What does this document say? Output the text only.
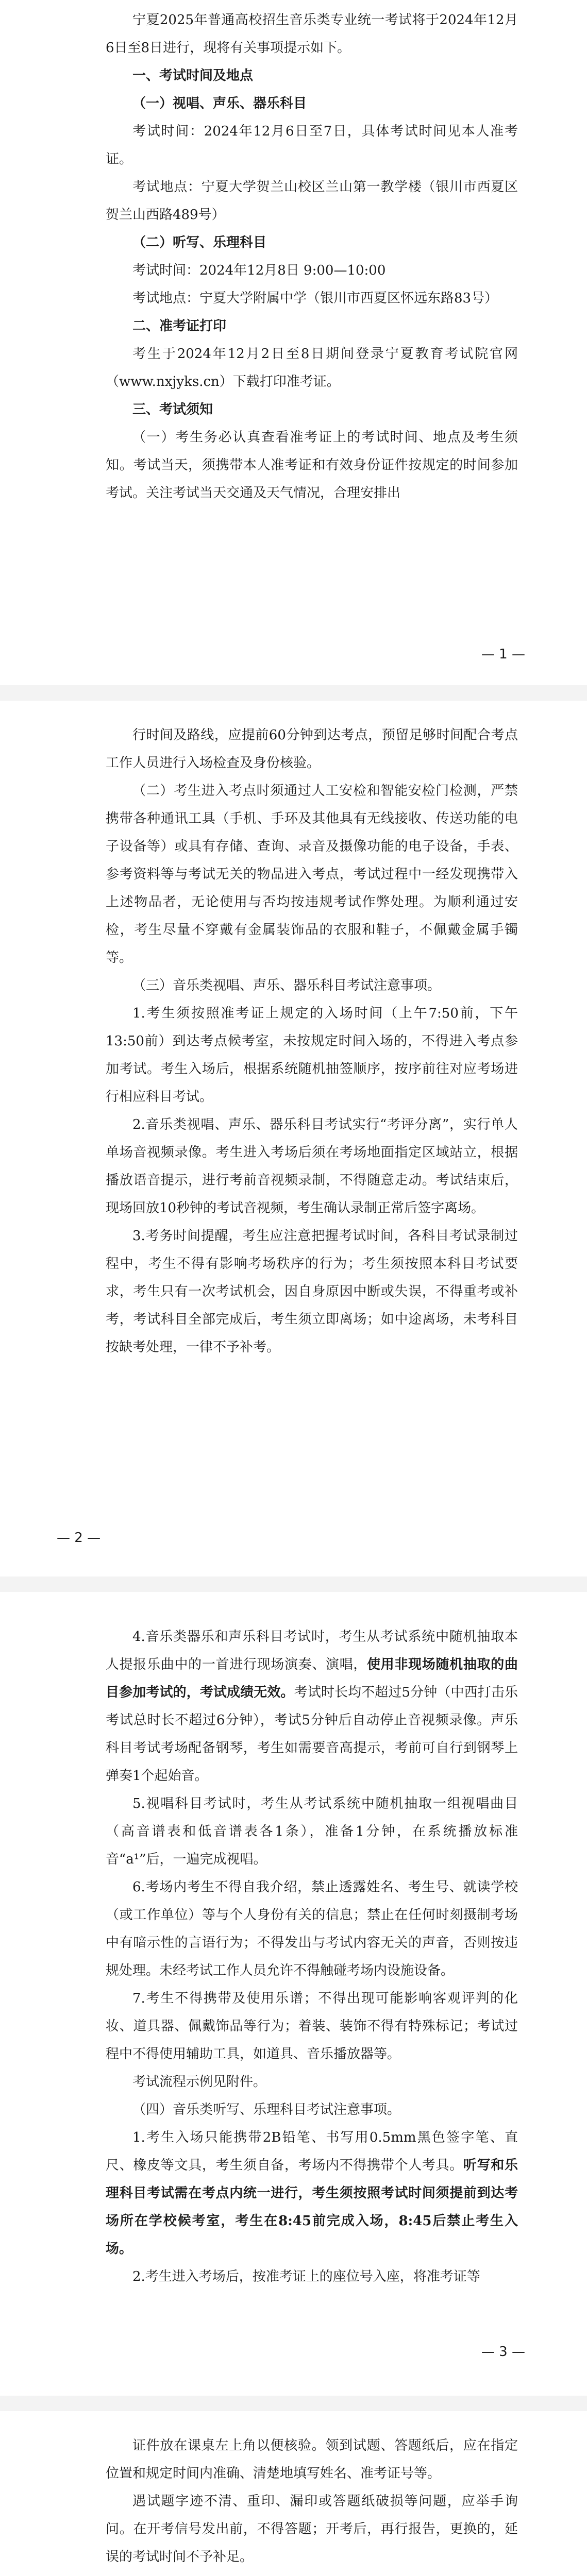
宁夏2025年普通高校招生音乐类专业统一考试将于2024年12月6日至8日进行，现将有关事项提示如下。

一、考试时间及地点

（一）视唱、声乐、器乐科目

考试时间：2024年12月6日至7日，具体考试时间见本人准考证。

考试地点：宁夏大学贺兰山校区兰山第一教学楼（银川市西夏区贺兰山西路489号）

（二）听写、乐理科目

考试时间：2024年12月8日 9:00—10:00

考试地点：宁夏大学附属中学（银川市西夏区怀远东路83号）

二、准考证打印

考生于2024年12月2日至8日期间登录宁夏教育考试院官网（www.nxjyks.cn）下载打印准考证。

三、考试须知

（一）考生务必认真查看准考证上的考试时间、地点及考生须知。考试当天，须携带本人准考证和有效身份证件按规定的时间参加考试。关注考试当天交通及天气情况，合理安排出

— 1 —

行时间及路线，应提前60分钟到达考点，预留足够时间配合考点工作人员进行入场检查及身份核验。

（二）考生进入考点时须通过人工安检和智能安检门检测，严禁携带各种通讯工具（手机、手环及其他具有无线接收、传送功能的电子设备等）或具有存储、查询、录音及摄像功能的电子设备，手表、参考资料等与考试无关的物品进入考点，考试过程中一经发现携带入上述物品者，无论使用与否均按违规考试作弊处理。为顺利通过安检，考生尽量不穿戴有金属装饰品的衣服和鞋子，不佩戴金属手镯等。

（三）音乐类视唱、声乐、器乐科目考试注意事项。

1.考生须按照准考证上规定的入场时间（上午7:50前，下午13:50前）到达考点候考室，未按规定时间入场的，不得进入考点参加考试。考生入场后，根据系统随机抽签顺序，按序前往对应考场进行相应科目考试。

2.音乐类视唱、声乐、器乐科目考试实行“考评分离”，实行单人单场音视频录像。考生进入考场后须在考场地面指定区域站立，根据播放语音提示，进行考前音视频录制，不得随意走动。考试结束后，现场回放10秒钟的考试音视频，考生确认录制正常后签字离场。

3.考务时间提醒，考生应注意把握考试时间，各科目考试录制过程中，考生不得有影响考场秩序的行为；考生须按照本科目考试要求，考生只有一次考试机会，因自身原因中断或失误，不得重考或补考，考试科目全部完成后，考生须立即离场；如中途离场，未考科目按缺考处理，一律不予补考。

— 2 —

4.音乐类器乐和声乐科目考试时，考生从考试系统中随机抽取本人提报乐曲中的一首进行现场演奏、演唱，使用非现场随机抽取的曲目参加考试的，考试成绩无效。考试时长均不超过5分钟（中西打击乐考试总时长不超过6分钟），考试5分钟后自动停止音视频录像。声乐科目考试考场配备钢琴，考生如需要音高提示，考前可自行到钢琴上弹奏1个起始音。

5.视唱科目考试时，考生从考试系统中随机抽取一组视唱曲目（高音谱表和低音谱表各1条），准备1分钟，在系统播放标准音“a¹”后，一遍完成视唱。

6.考场内考生不得自我介绍，禁止透露姓名、考生号、就读学校（或工作单位）等与个人身份有关的信息；禁止在任何时刻摄制考场中有暗示性的言语行为；不得发出与考试内容无关的声音，否则按违规处理。未经考试工作人员允许不得触碰考场内设施设备。

7.考生不得携带及使用乐谱；不得出现可能影响客观评判的化妆、道具器、佩戴饰品等行为；着装、装饰不得有特殊标记；考试过程中不得使用辅助工具，如道具、音乐播放器等。

考试流程示例见附件。

（四）音乐类听写、乐理科目考试注意事项。

1.考生入场只能携带2B铅笔、书写用0.5mm黑色签字笔、直尺、橡皮等文具，考生须自备，考场内不得携带个人考具。听写和乐理科目考试需在考点内统一进行，考生须按照考试时间须提前到达考场所在学校候考室，考生在8:45前完成入场，8:45后禁止考生入场。

2.考生进入考场后，按准考证上的座位号入座，将准考证等

— 3 —

证件放在课桌左上角以便核验。领到试题、答题纸后，应在指定位置和规定时间内准确、清楚地填写姓名、准考证号等。

遇试题字迹不清、重印、漏印或答题纸破损等问题，应举手询问。在开考信号发出前，不得答题；开考后，再行报告，更换的，延误的考试时间不予补足。
